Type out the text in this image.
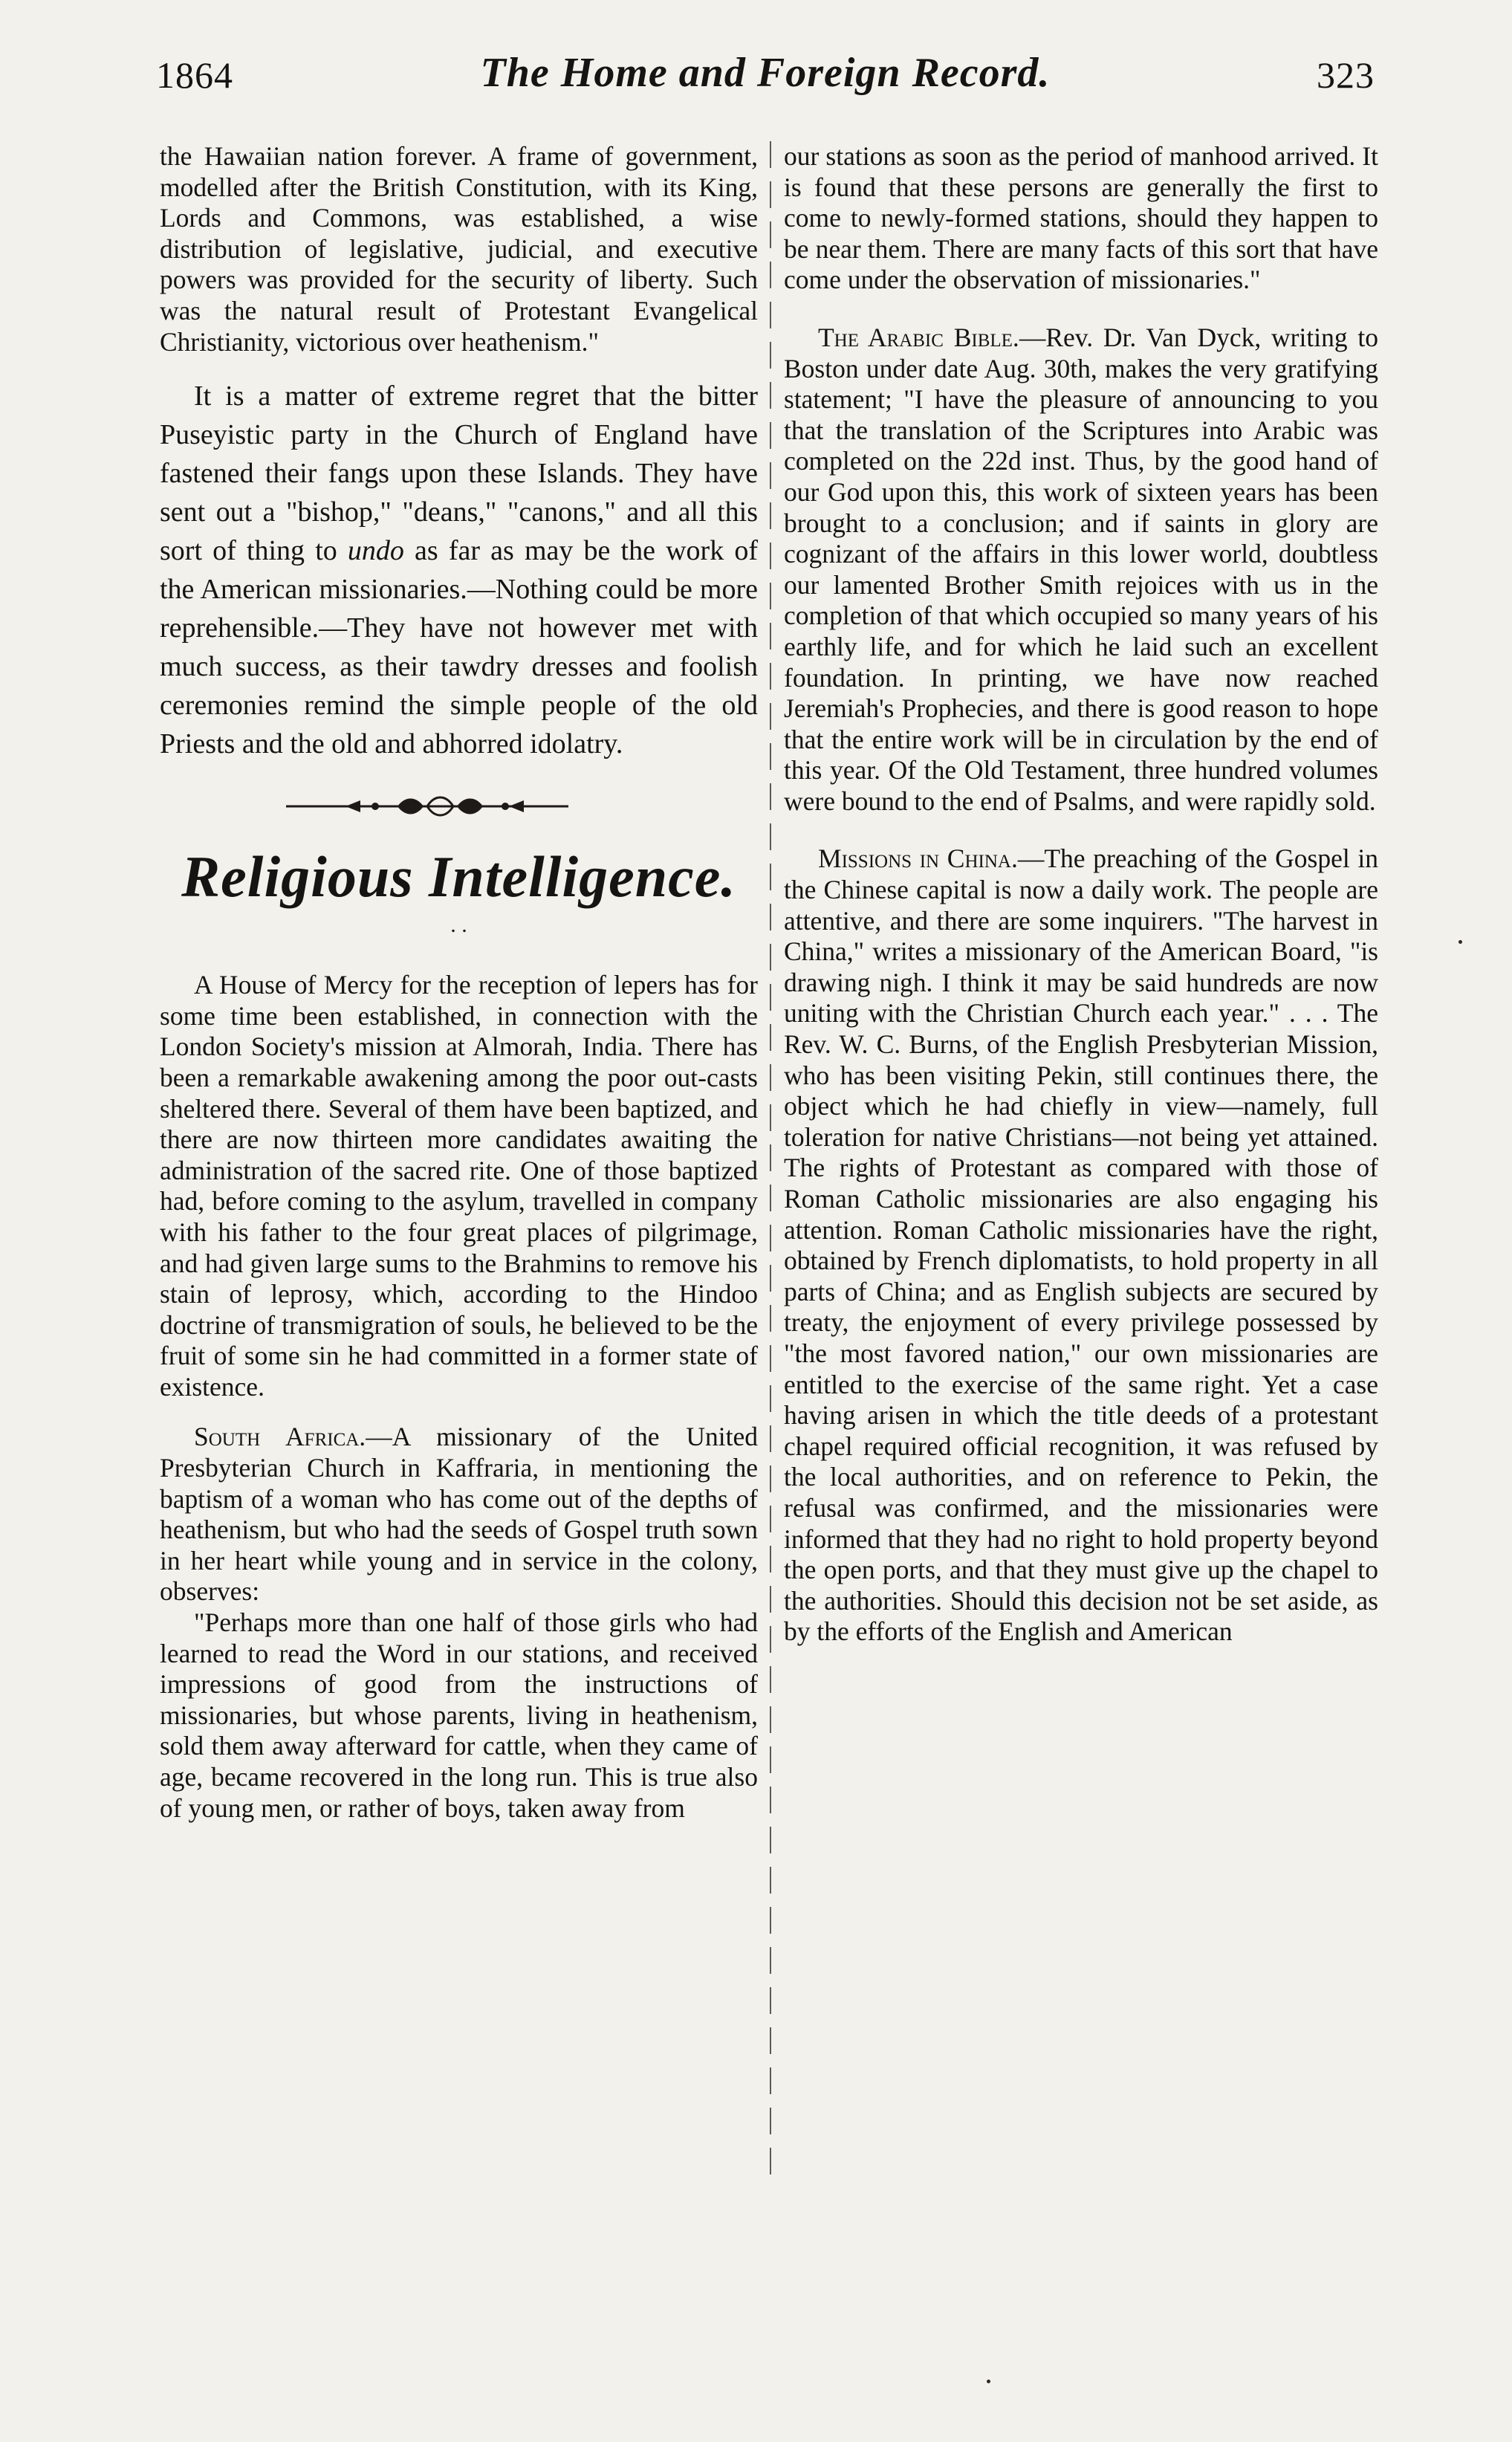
1864	The Home and Foreign Record.	323

the Hawaiian nation forever. A frame of government, modelled after the British Constitution, with its King, Lords and Commons, was established, a wise distribution of legislative, judicial, and executive powers was provided for the security of liberty. Such was the natural result of Protestant Evangelical Christianity, victorious over heathenism."

It is a matter of extreme regret that the bitter Puseyistic party in the Church of England have fastened their fangs upon these Islands. They have sent out a "bishop," "deans," "canons," and all this sort of thing to undo as far as may be the work of the American missionaries.—Nothing could be more reprehensible.—They have not however met with much success, as their tawdry dresses and foolish ceremonies remind the simple people of the old Priests and the old and abhorred idolatry.

Religious Intelligence.

. .

A House of Mercy for the reception of lepers has for some time been established, in connection with the London Society's mission at Almorah, India. There has been a remarkable awakening among the poor out-casts sheltered there. Several of them have been baptized, and there are now thirteen more candidates awaiting the administration of the sacred rite. One of those baptized had, before coming to the asylum, travelled in company with his father to the four great places of pilgrimage, and had given large sums to the Brahmins to remove his stain of leprosy, which, according to the Hindoo doctrine of transmigration of souls, he believed to be the fruit of some sin he had committed in a former state of existence.

South Africa.—A missionary of the United Presbyterian Church in Kaffraria, in mentioning the baptism of a woman who has come out of the depths of heathenism, but who had the seeds of Gospel truth sown in her heart while young and in service in the colony, observes:

"Perhaps more than one half of those girls who had learned to read the Word in our stations, and received impressions of good from the instructions of missionaries, but whose parents, living in heathenism, sold them away afterward for cattle, when they came of age, became recovered in the long run. This is true also of young men, or rather of boys, taken away from

our stations as soon as the period of manhood arrived. It is found that these persons are generally the first to come to newly-formed stations, should they happen to be near them. There are many facts of this sort that have come under the observation of missionaries."

The Arabic Bible.—Rev. Dr. Van Dyck, writing to Boston under date Aug. 30th, makes the very gratifying statement; "I have the pleasure of announcing to you that the translation of the Scriptures into Arabic was completed on the 22d inst. Thus, by the good hand of our God upon this, this work of sixteen years has been brought to a conclusion; and if saints in glory are cognizant of the affairs in this lower world, doubtless our lamented Brother Smith rejoices with us in the completion of that which occupied so many years of his earthly life, and for which he laid such an excellent foundation. In printing, we have now reached Jeremiah's Prophecies, and there is good reason to hope that the entire work will be in circulation by the end of this year. Of the Old Testament, three hundred volumes were bound to the end of Psalms, and were rapidly sold.

Missions in China.—The preaching of the Gospel in the Chinese capital is now a daily work. The people are attentive, and there are some inquirers. "The harvest in China," writes a missionary of the American Board, "is drawing nigh. I think it may be said hundreds are now uniting with the Christian Church each year." . . . The Rev. W. C. Burns, of the English Presbyterian Mission, who has been visiting Pekin, still continues there, the object which he had chiefly in view—namely, full toleration for native Christians—not being yet attained. The rights of Protestant as compared with those of Roman Catholic missionaries are also engaging his attention. Roman Catholic missionaries have the right, obtained by French diplomatists, to hold property in all parts of China; and as English subjects are secured by treaty, the enjoyment of every privilege possessed by "the most favored nation," our own missionaries are entitled to the exercise of the same right. Yet a case having arisen in which the title deeds of a protestant chapel required official recognition, it was refused by the local authorities, and on reference to Pekin, the refusal was confirmed, and the missionaries were informed that they had no right to hold property beyond the open ports, and that they must give up the chapel to the authorities. Should this decision not be set aside, as by the efforts of the English and American
